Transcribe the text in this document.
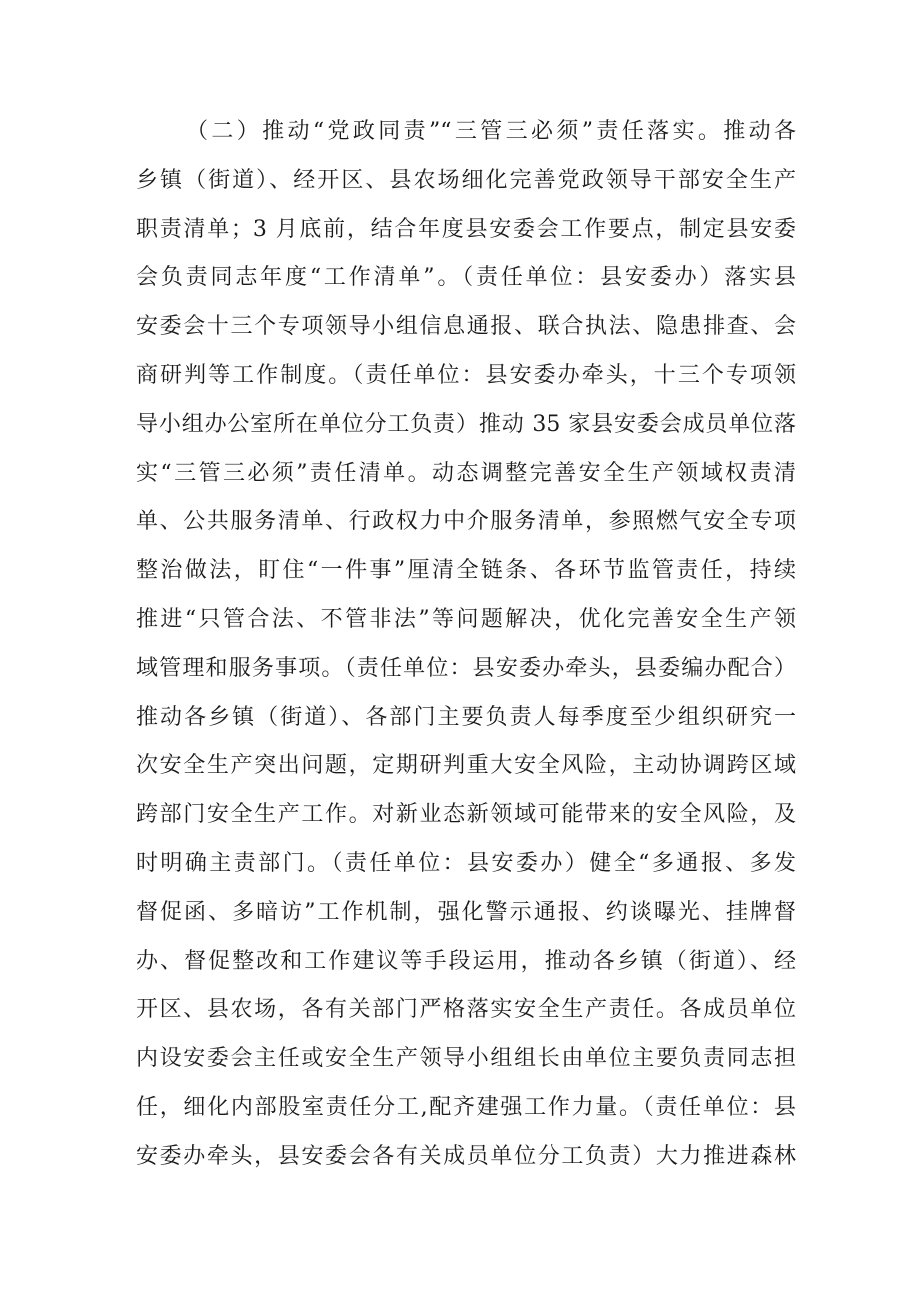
（二）推动“党政同责”“三管三必须”责任落实。推动各
乡镇（街道）、经开区、县农场细化完善党政领导干部安全生产
职责清单；3 月底前，结合年度县安委会工作要点，制定县安委
会负责同志年度“工作清单”。（责任单位：县安委办）落实县
安委会十三个专项领导小组信息通报、联合执法、隐患排查、会
商研判等工作制度。（责任单位：县安委办牵头，十三个专项领
导小组办公室所在单位分工负责）推动 35 家县安委会成员单位落
实“三管三必须”责任清单。动态调整完善安全生产领域权责清
单、公共服务清单、行政权力中介服务清单，参照燃气安全专项
整治做法，盯住“一件事”厘清全链条、各环节监管责任，持续
推进“只管合法、不管非法”等问题解决，优化完善安全生产领
域管理和服务事项。（责任单位：县安委办牵头，县委编办配合）
推动各乡镇（街道）、各部门主要负责人每季度至少组织研究一
次安全生产突出问题，定期研判重大安全风险，主动协调跨区域
跨部门安全生产工作。对新业态新领域可能带来的安全风险，及
时明确主责部门。（责任单位：县安委办）健全“多通报、多发
督促函、多暗访”工作机制，强化警示通报、约谈曝光、挂牌督
办、督促整改和工作建议等手段运用，推动各乡镇（街道）、经
开区、县农场，各有关部门严格落实安全生产责任。各成员单位
内设安委会主任或安全生产领导小组组长由单位主要负责同志担
任，细化内部股室责任分工,配齐建强工作力量。（责任单位：县
安委办牵头，县安委会各有关成员单位分工负责）大力推进森林
